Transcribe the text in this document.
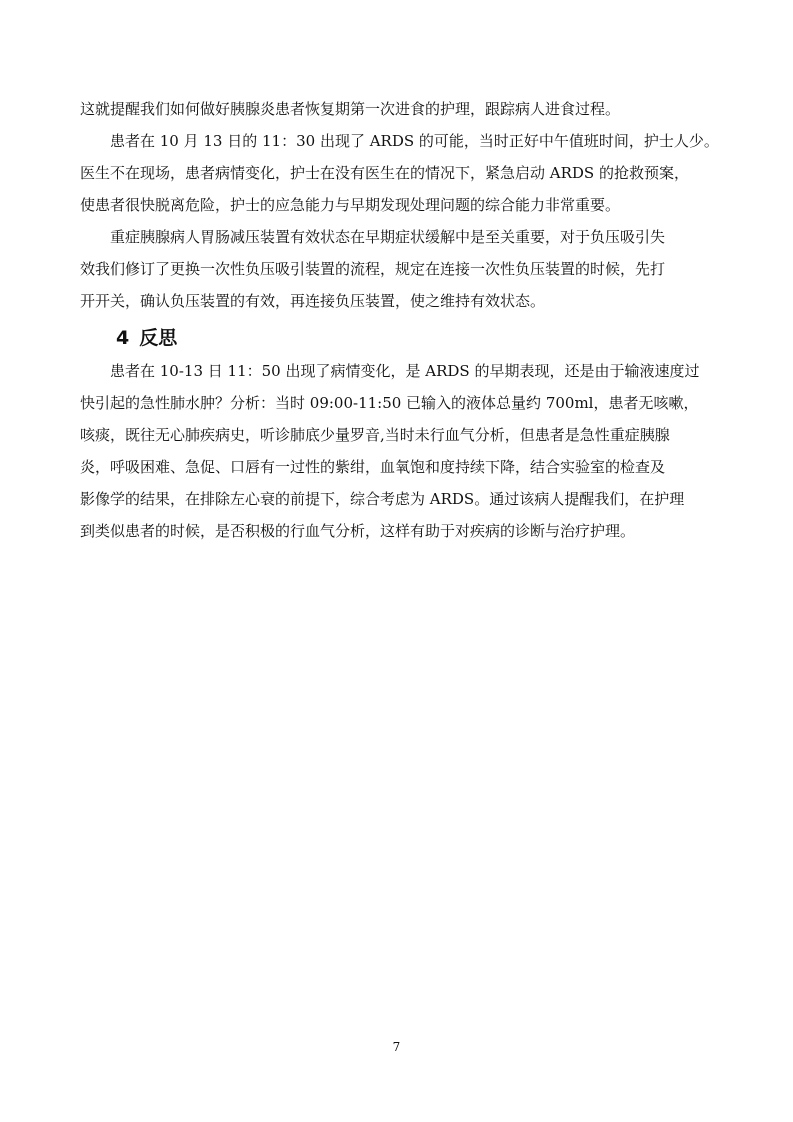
这就提醒我们如何做好胰腺炎患者恢复期第一次进食的护理，跟踪病人进食过程。

患者在 10 月 13 日的 11：30 出现了 ARDS 的可能，当时正好中午值班时间，护士人少。
医生不在现场，患者病情变化，护士在没有医生在的情况下，紧急启动 ARDS 的抢救预案，
使患者很快脱离危险，护士的应急能力与早期发现处理问题的综合能力非常重要。

重症胰腺病人胃肠减压装置有效状态在早期症状缓解中是至关重要，对于负压吸引失
效我们修订了更换一次性负压吸引装置的流程，规定在连接一次性负压装置的时候，先打
开开关，确认负压装置的有效，再连接负压装置，使之维持有效状态。

4 反思

患者在 10-13 日 11：50 出现了病情变化，是 ARDS 的早期表现，还是由于输液速度过
快引起的急性肺水肿？分析：当时 09:00-11:50 已输入的液体总量约 700ml，患者无咳嗽，
咳痰，既往无心肺疾病史，听诊肺底少量罗音,当时未行血气分析，但患者是急性重症胰腺
炎，呼吸困难、急促、口唇有一过性的紫绀，血氧饱和度持续下降，结合实验室的检查及
影像学的结果，在排除左心衰的前提下，综合考虑为 ARDS。通过该病人提醒我们，在护理
到类似患者的时候，是否积极的行血气分析，这样有助于对疾病的诊断与治疗护理。

7
